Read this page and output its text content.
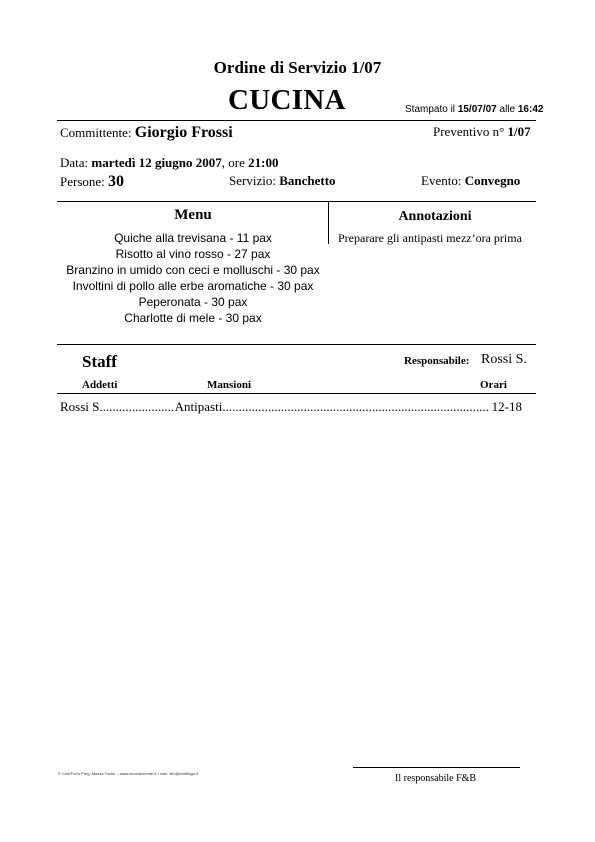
Ordine di Servizio 1/07
CUCINA	Stampato il 15/07/07 alle 16:42
Committente: Giorgio Frossi	Preventivo n° 1/07
Data: martedì 12 giugno 2007, ore 21:00
Persone: 30	Servizio: Banchetto	Evento: Convegno
Menu
Quiche alla trevisana - 11 pax
Risotto al vino rosso - 27 pax
Branzino in umido con ceci e molluschi - 30 pax
Involtini di pollo alle erbe aromatiche - 30 pax
Peperonata - 30 pax
Charlotte di mele - 30 pax
Annotazioni
Preparare gli antipasti mezz’ora prima
Staff	Responsabile: Rossi S.
Addetti	Mansioni	Orari
Rossi S. .....	Antipasti .....	12-18
© ChefToGo Preg. Mazza Tonini – www.cuochemente.it / mail: info@cheftogo.it	Il responsabile F&B
